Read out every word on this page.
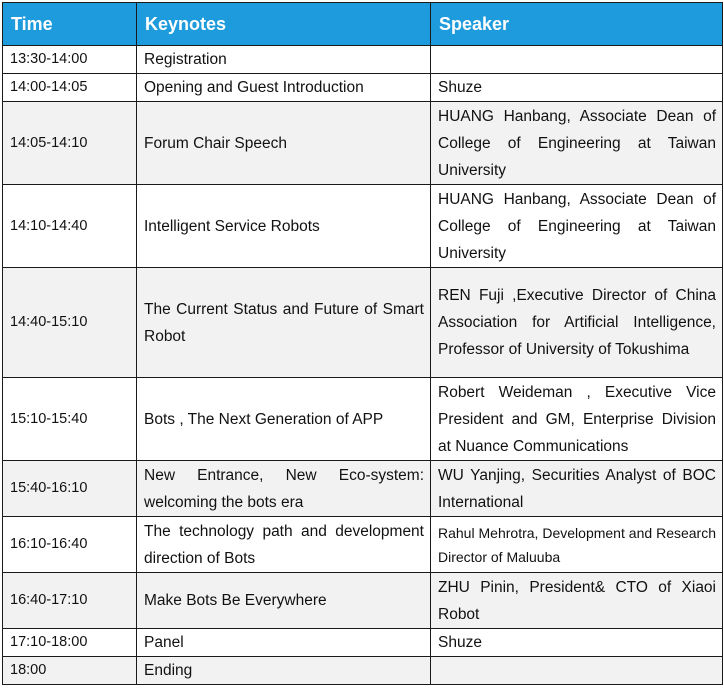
Time	Keynotes	Speaker
13:30-14:00	Registration	
14:00-14:05	Opening and Guest Introduction	Shuze
14:05-14:10	Forum Chair Speech	HUANG Hanbang, Associate Dean of College of Engineering at Taiwan University
14:10-14:40	Intelligent Service Robots	HUANG Hanbang, Associate Dean of College of Engineering at Taiwan University
14:40-15:10	The Current Status and Future of Smart Robot	REN Fuji ,Executive Director of China Association for Artificial Intelligence, Professor of University of Tokushima
15:10-15:40	Bots , The Next Generation of APP	Robert Weideman , Executive Vice President and GM, Enterprise Division at Nuance Communications
15:40-16:10	New Entrance, New Eco-system: welcoming the bots era	WU Yanjing, Securities Analyst of BOC International
16:10-16:40	The technology path and development direction of Bots	Rahul Mehrotra, Development and Research Director of Maluuba
16:40-17:10	Make Bots Be Everywhere	ZHU Pinin, President& CTO of Xiaoi Robot
17:10-18:00	Panel	Shuze
18:00	Ending	
